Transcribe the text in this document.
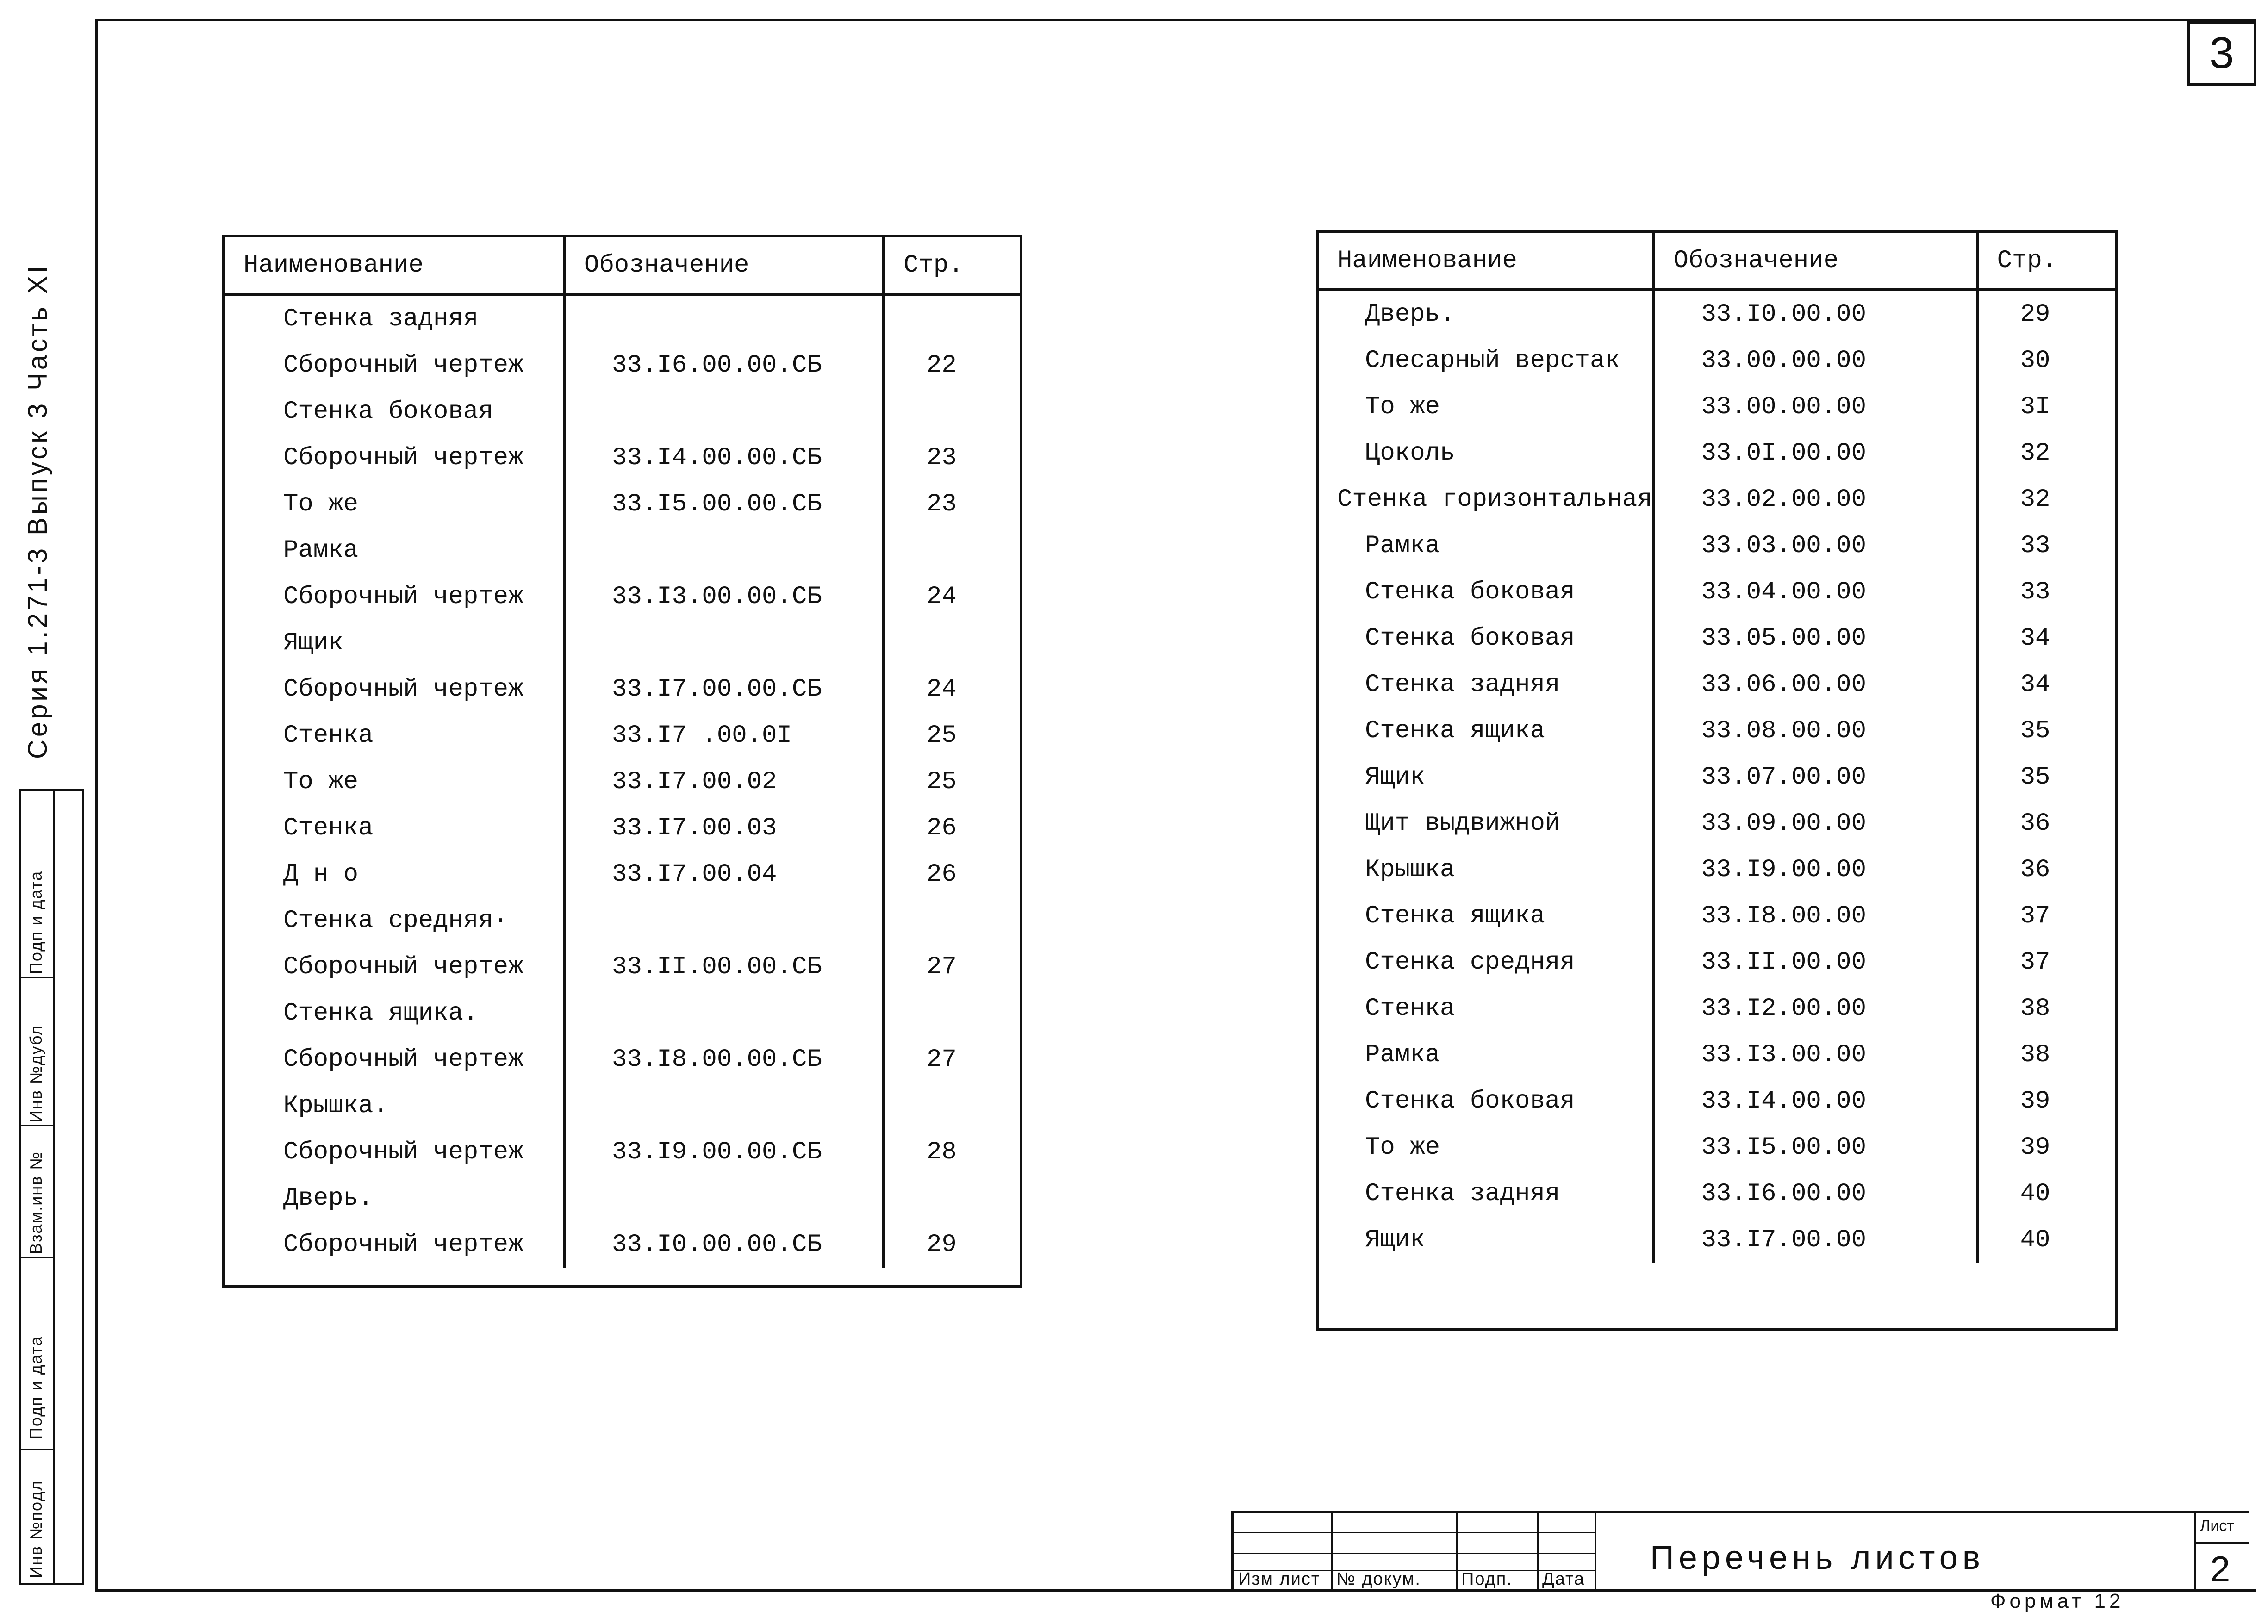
3
Серия 1.271-3 Выпуск 3 Часть XI
Инв №подл
Подп и дата
Взам.инв №
Инв №дубл
Подп и дата
Наименование	Обозначение	Стр.
Стенка задняя		
Сборочный чертеж	33.I6.00.00.СБ	22
Стенка боковая		
Сборочный чертеж	33.I4.00.00.СБ	23
То же	33.I5.00.00.СБ	23
Рамка		
Сборочный чертеж	33.I3.00.00.СБ	24
Ящик		
Сборочный чертеж	33.I7.00.00.СБ	24
Стенка	33.I7 .00.0I	25
То же	33.I7.00.02	25
Стенка	33.I7.00.03	26
Д н о	33.I7.00.04	26
Стенка средняя·		
Сборочный чертеж	33.II.00.00.СБ	27
Стенка ящика.		
Сборочный чертеж	33.I8.00.00.СБ	27
Крышка.		
Сборочный чертеж	33.I9.00.00.СБ	28
Дверь.		
Сборочный чертеж	33.I0.00.00.СБ	29
Наименование	Обозначение	Стр.
Дверь.	33.I0.00.00	29
Слесарный верстак	33.00.00.00	30
То же	33.00.00.00	3I
Цоколь	33.0I.00.00	32
Стенка горизонтальная	33.02.00.00	32
Рамка	33.03.00.00	33
Стенка боковая	33.04.00.00	33
Стенка боковая	33.05.00.00	34
Стенка задняя	33.06.00.00	34
Стенка ящика	33.08.00.00	35
Ящик	33.07.00.00	35
Щит выдвижной	33.09.00.00	36
Крышка	33.I9.00.00	36
Стенка ящика	33.I8.00.00	37
Стенка средняя	33.II.00.00	37
Стенка	33.I2.00.00	38
Рамка	33.I3.00.00	38
Стенка боковая	33.I4.00.00	39
То же	33.I5.00.00	39
Стенка задняя	33.I6.00.00	40
Ящик	33.I7.00.00	40
Изм лист № докум. Подп. Дата
Перечень листов
Лист
2
Формат 12
